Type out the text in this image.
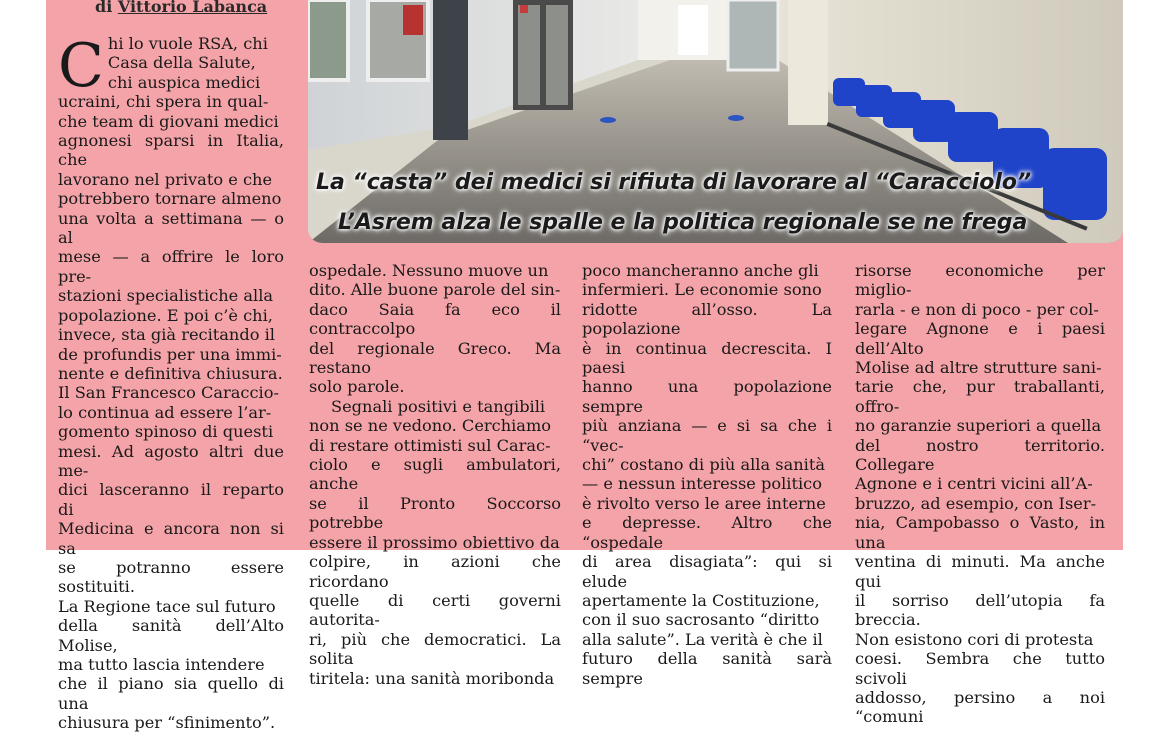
di Vittorio Labanca
La “casta” dei medici si rifiuta di lavorare al “Caracciolo”
L’Asrem alza le spalle e la politica regionale se ne frega
C hi lo vuole RSA, chi
Casa della Salute,
chi auspica medici
ucraini, chi spera in qual-
che team di giovani medici
agnonesi sparsi in Italia, che
lavorano nel privato e che
potrebbero tornare almeno
una volta a settimana — o al
mese — a offrire le loro pre-
stazioni specialistiche alla
popolazione. E poi c’è chi,
invece, sta già recitando il
de profundis per una immi-
nente e definitiva chiusura.
Il San Francesco Caraccio-
lo continua ad essere l’ar-
gomento spinoso di questi
mesi. Ad agosto altri due me-
dici lasceranno il reparto di
Medicina e ancora non si sa
se potranno essere sostituiti.
La Regione tace sul futuro
della sanità dell’Alto Molise,
ma tutto lascia intendere
che il piano sia quello di una
chiusura per “sfinimento”.
ospedale. Nessuno muove un
dito. Alle buone parole del sin-
daco Saia fa eco il contraccolpo
del regionale Greco. Ma restano
solo parole.
Segnali positivi e tangibili
non se ne vedono. Cerchiamo
di restare ottimisti sul Carac-
ciolo e sugli ambulatori, anche
se il Pronto Soccorso potrebbe
essere il prossimo obiettivo da
colpire, in azioni che ricordano
quelle di certi governi autorita-
ri, più che democratici. La solita
tiritela: una sanità moribonda
poco mancheranno anche gli
infermieri. Le economie sono
ridotte all’osso. La popolazione
è in continua decrescita. I paesi
hanno una popolazione sempre
più anziana — e si sa che i “vec-
chi” costano di più alla sanità
— e nessun interesse politico
è rivolto verso le aree interne
e depresse. Altro che “ospedale
di area disagiata”: qui si elude
apertamente la Costituzione,
con il suo sacrosanto “diritto
alla salute”. La verità è che il
futuro della sanità sarà sempre
risorse economiche per miglio-
rarla - e non di poco - per col-
legare Agnone e i paesi dell’Alto
Molise ad altre strutture sani-
tarie che, pur traballanti, offro-
no garanzie superiori a quella
del nostro territorio. Collegare
Agnone e i centri vicini all’A-
bruzzo, ad esempio, con Iser-
nia, Campobasso o Vasto, in una
ventina di minuti. Ma anche qui
il sorriso dell’utopia fa breccia.
Non esistono cori di protesta
coesi. Sembra che tutto scivoli
addosso, persino a noi “comuni
